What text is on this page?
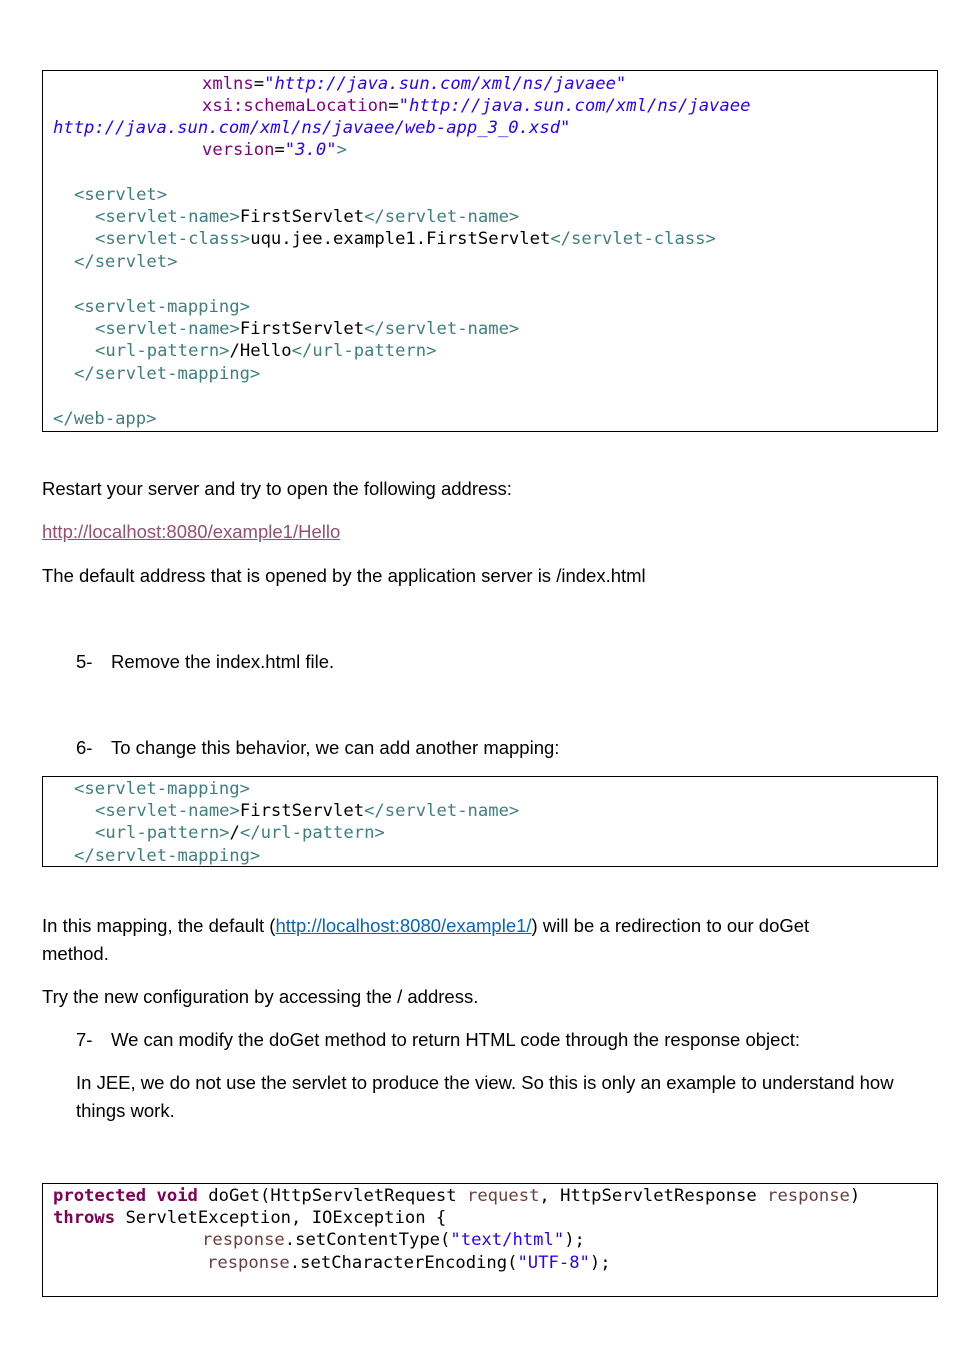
xmlns="http://java.sun.com/xml/ns/javaee"
xsi:schemaLocation="http://java.sun.com/xml/ns/javaee
http://java.sun.com/xml/ns/javaee/web-app_3_0.xsd"
version="3.0">
<servlet>
<servlet-name>FirstServlet</servlet-name>
<servlet-class>uqu.jee.example1.FirstServlet</servlet-class>
</servlet>
<servlet-mapping>
<servlet-name>FirstServlet</servlet-name>
<url-pattern>/Hello</url-pattern>
</servlet-mapping>
</web-app>
Restart your server and try to open the following address:
http://localhost:8080/example1/Hello
The default address that is opened by the application server is /index.html
5- Remove the index.html file.
6- To change this behavior, we can add another mapping:
<servlet-mapping>
<servlet-name>FirstServlet</servlet-name>
<url-pattern>/</url-pattern>
</servlet-mapping>
In this mapping, the default (http://localhost:8080/example1/) will be a redirection to our doGet
method.
Try the new configuration by accessing the / address.
7- We can modify the doGet method to return HTML code through the response object:
In JEE, we do not use the servlet to produce the view. So this is only an example to understand how
things work.
protected void doGet(HttpServletRequest request, HttpServletResponse response)
throws ServletException, IOException {
response.setContentType("text/html");
response.setCharacterEncoding("UTF-8");
